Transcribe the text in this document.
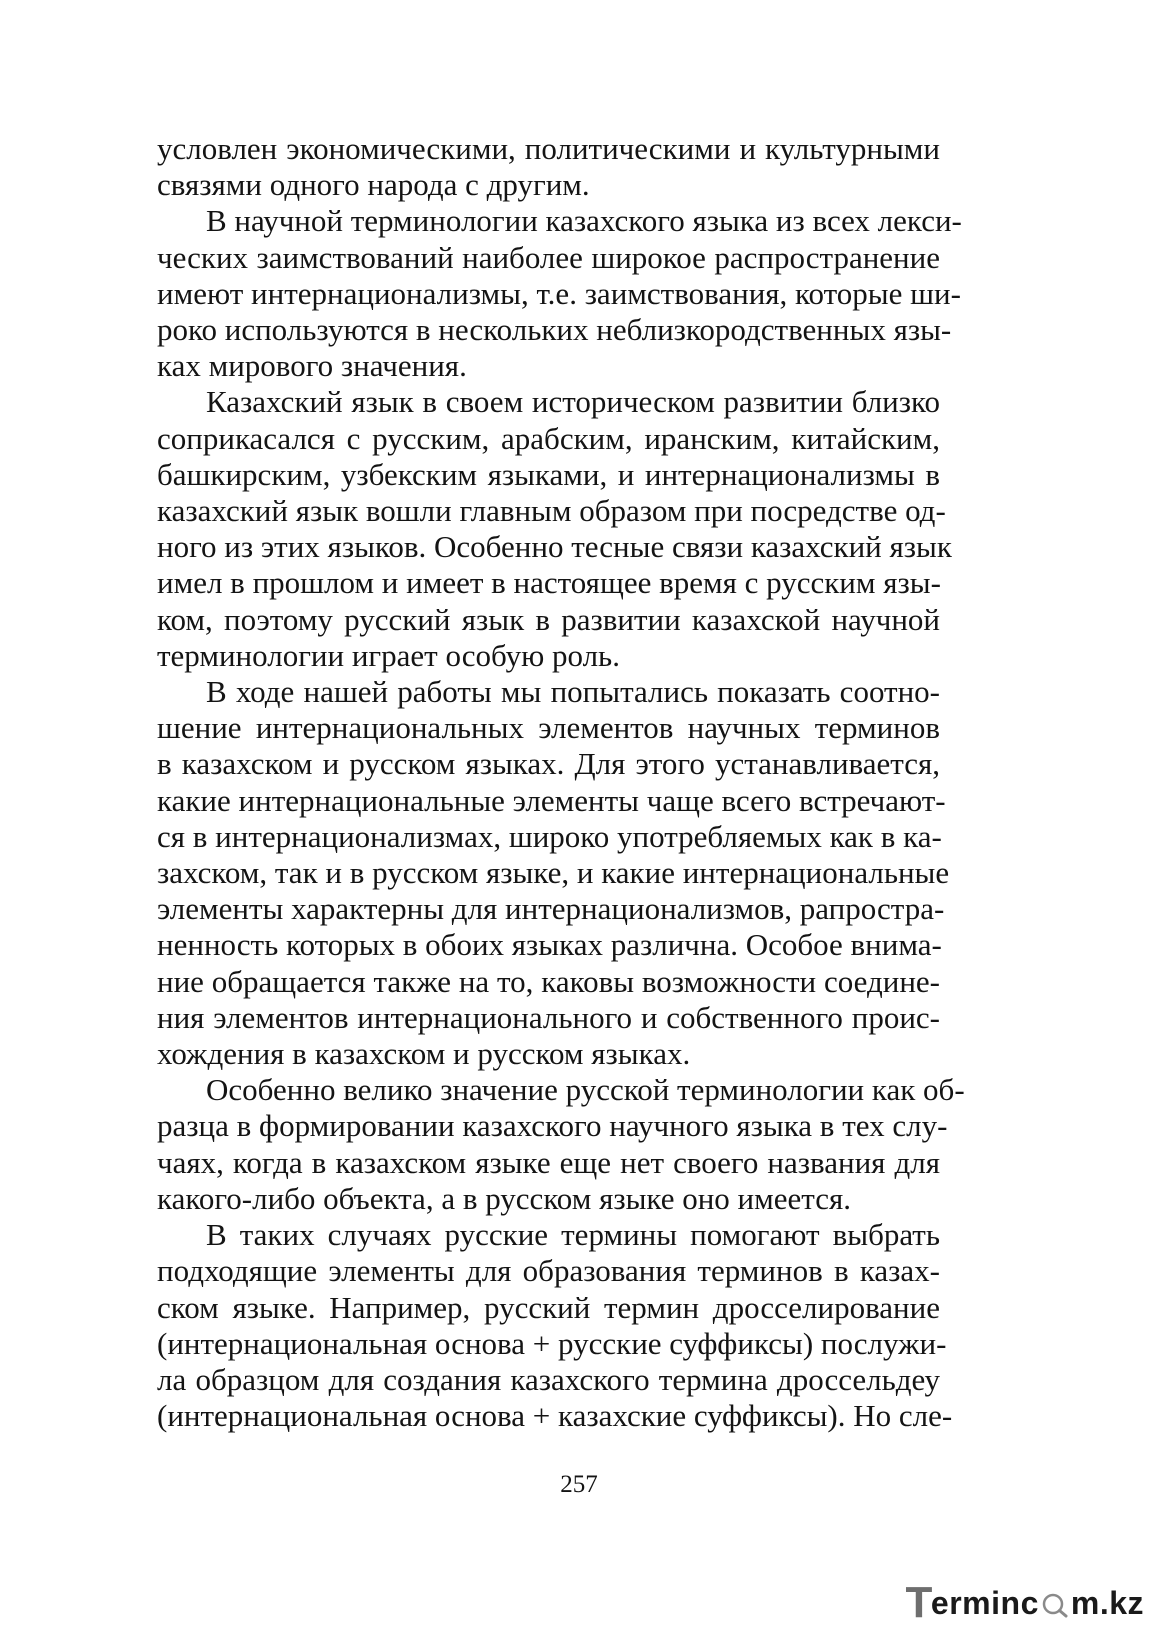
условлен экономическими, политическими и культурными
связями одного народа с другим.
В научной терминологии казахского языка из всех лекси-
ческих заимствований наиболее широкое распространение
имеют интернационализмы, т.е. заимствования, которые ши-
роко используются в нескольких неблизкородственных язы-
ках мирового значения.
Казахский язык в своем историческом развитии близко
соприкасался с русским, арабским, иранским, китайским,
башкирским, узбекским языками, и интернационализмы в
казахский язык вошли главным образом при посредстве од-
ного из этих языков. Особенно тесные связи казахский язык
имел в прошлом и имеет в настоящее время с русским язы-
ком, поэтому русский язык в развитии казахской научной
терминологии играет особую роль.
В ходе нашей работы мы попытались показать соотно-
шение интернациональных элементов научных терминов
в казахском и русском языках. Для этого устанавливается,
какие интернациональные элементы чаще всего встречают-
ся в интернационализмах, широко употребляемых как в ка-
захском, так и в русском языке, и какие интернациональные
элементы характерны для интернационализмов, рапростра-
ненность которых в обоих языках различна. Особое внима-
ние обращается также на то, каковы возможности соедине-
ния элементов интернационального и собственного проис-
хождения в казахском и русском языках.
Особенно велико значение русской терминологии как об-
разца в формировании казахского научного языка в тех слу-
чаях, когда в казахском языке еще нет своего названия для
какого-либо объекта, а в русском языке оно имеется.
В таких случаях русские термины помогают выбрать
подходящие элементы для образования терминов в казах-
ском языке. Например, русский термин дросселирование
(интернациональная основа + русские суффиксы) послужи-
ла образцом для создания казахского термина дроссельдеу
(интернациональная основа + казахские суффиксы). Но сле-
257
T
erminc m.kz
